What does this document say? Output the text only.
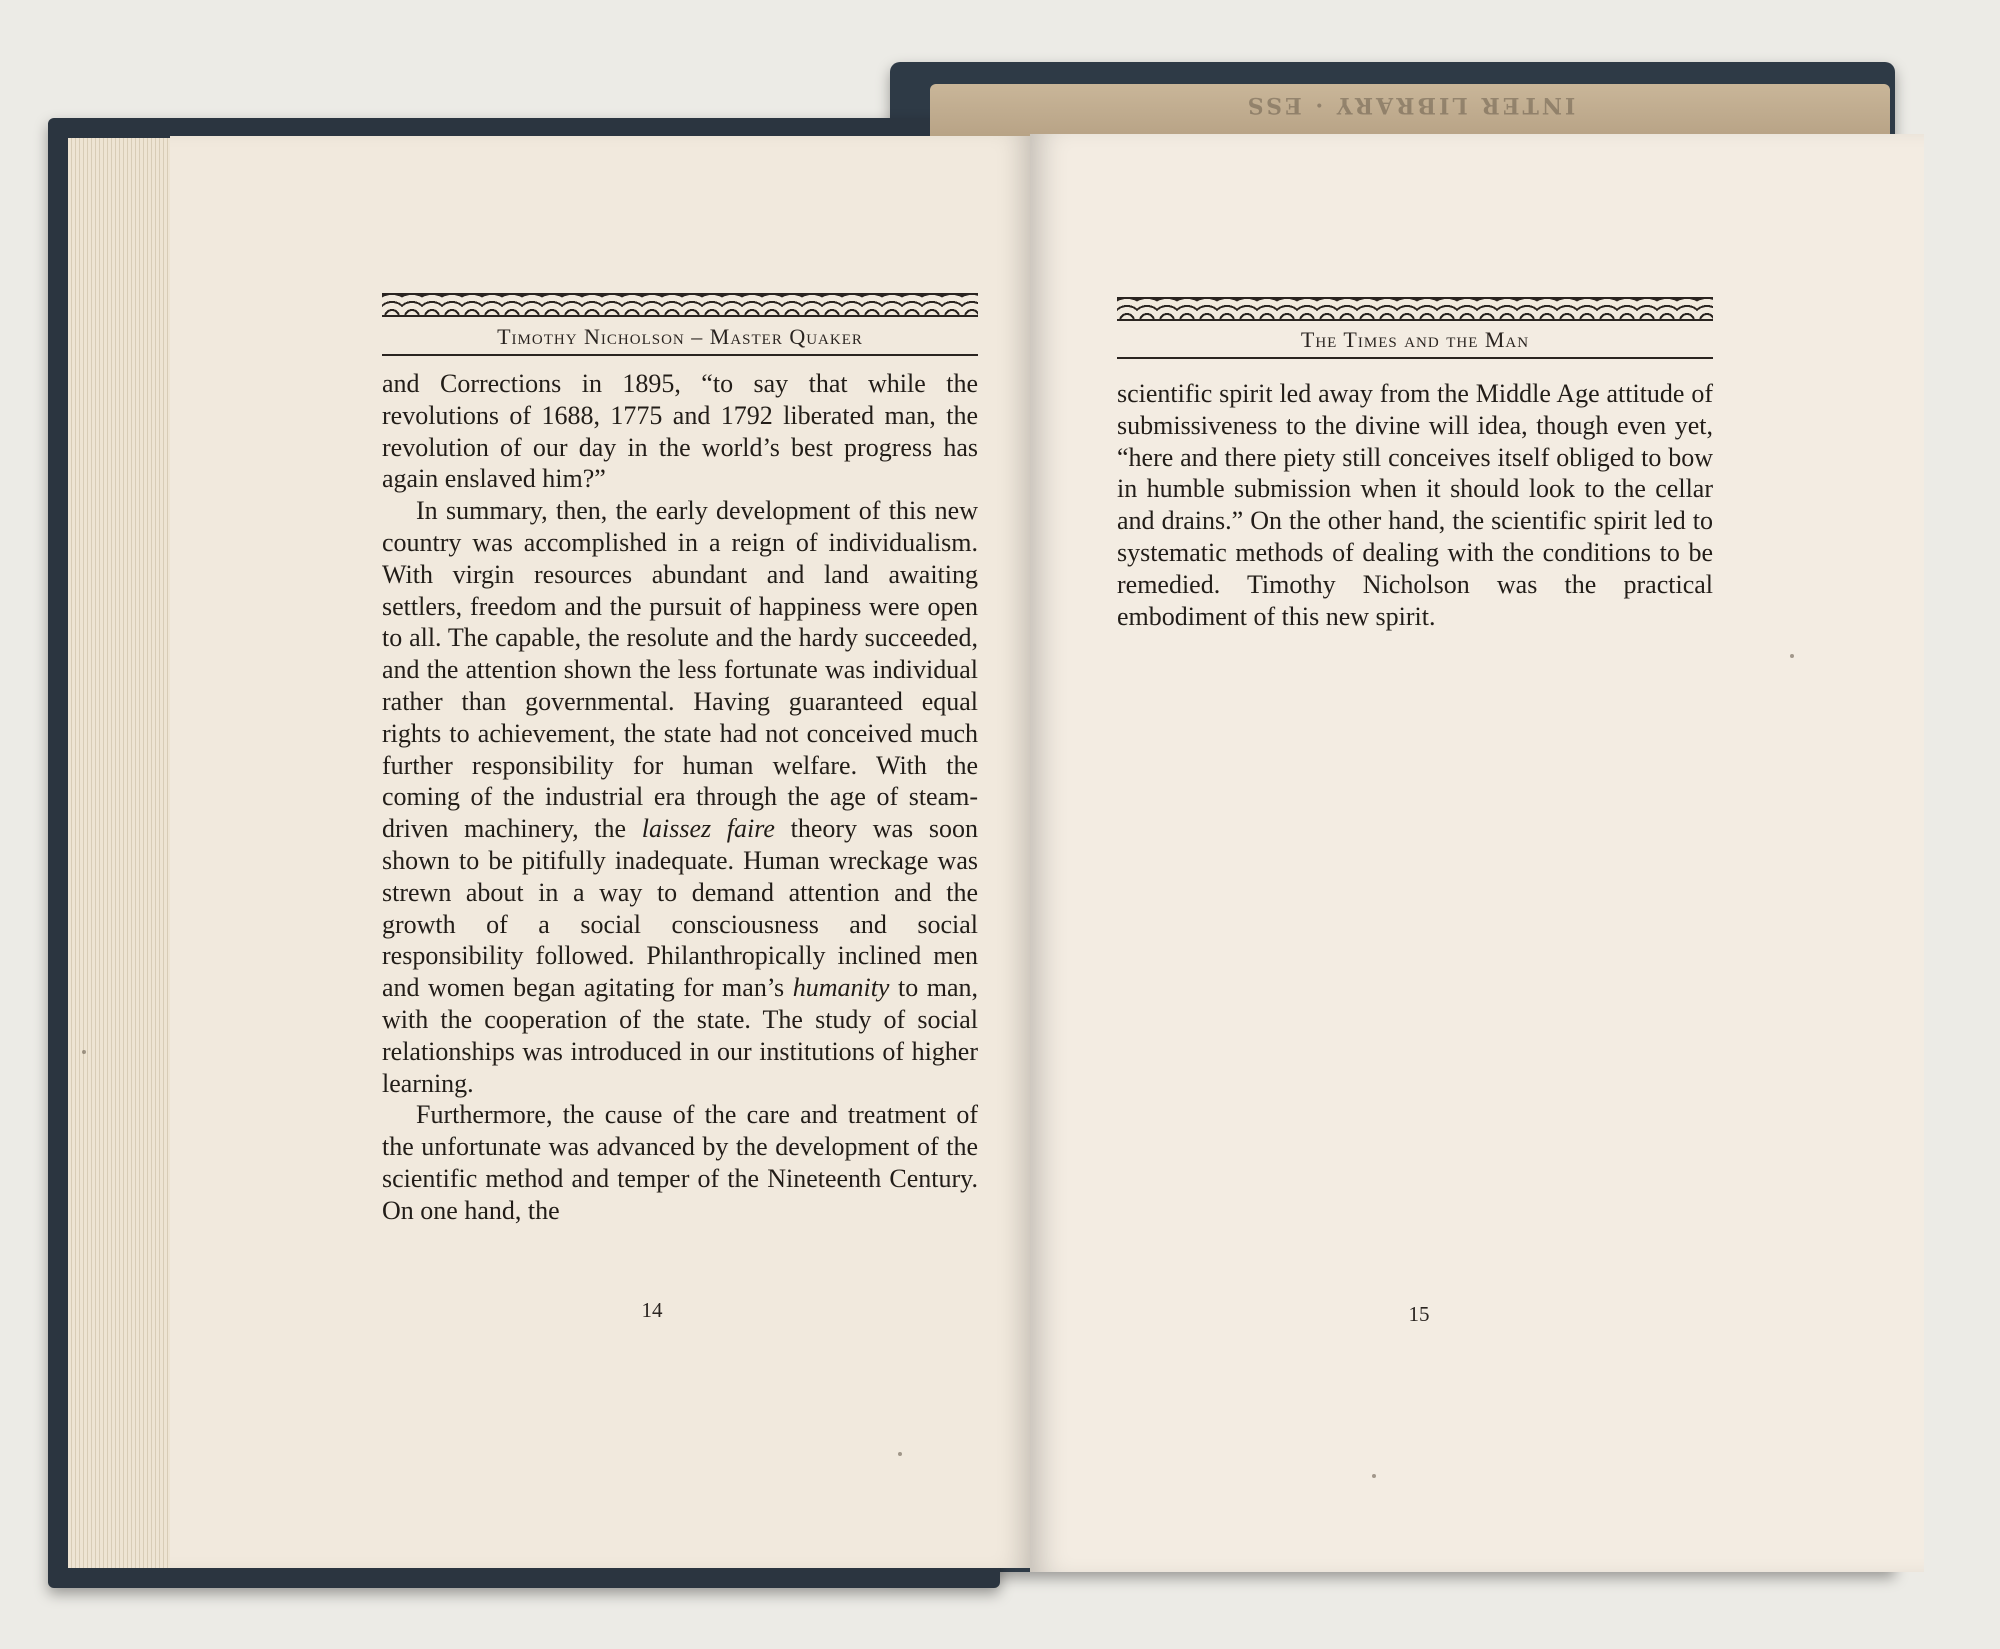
INTER LIBRARY · ESS
Timothy Nicholson – Master Quaker

and Corrections in 1895, “to say that while the revolutions of 1688, 1775 and 1792 liberated man, the revolution of our day in the world’s best progress has again enslaved him?”

In summary, then, the early development of this new country was accomplished in a reign of individualism. With virgin resources abundant and land awaiting settlers, freedom and the pursuit of happiness were open to all. The capable, the resolute and the hardy succeeded, and the attention shown the less fortunate was individual rather than governmental. Having guaranteed equal rights to achievement, the state had not conceived much further responsibility for human welfare. With the coming of the industrial era through the age of steam-driven machinery, the laissez faire theory was soon shown to be pitifully inadequate. Human wreckage was strewn about in a way to demand attention and the growth of a social consciousness and social responsibility followed. Philanthropically inclined men and women began agitating for man’s humanity to man, with the cooperation of the state. The study of social relationships was introduced in our institutions of higher learning.

Furthermore, the cause of the care and treatment of the unfortunate was advanced by the development of the scientific method and temper of the Nineteenth Century. On one hand, the

14
The Times and the Man

scientific spirit led away from the Middle Age attitude of submissiveness to the divine will idea, though even yet, “here and there piety still conceives itself obliged to bow in humble submission when it should look to the cellar and drains.” On the other hand, the scientific spirit led to systematic methods of dealing with the conditions to be remedied. Timothy Nicholson was the practical embodiment of this new spirit.

15
